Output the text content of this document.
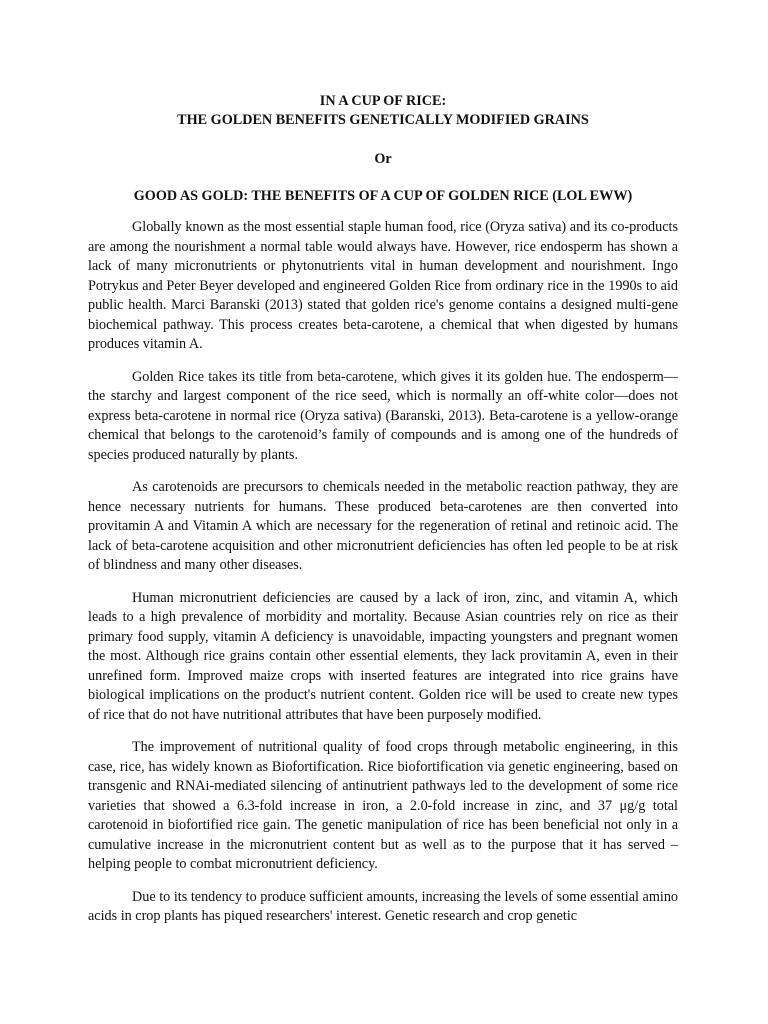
IN A CUP OF RICE:

THE GOLDEN BENEFITS GENETICALLY MODIFIED GRAINS

Or

GOOD AS GOLD: THE BENEFITS OF A CUP OF GOLDEN RICE (LOL EWW)

Globally known as the most essential staple human food, rice (Oryza sativa) and its co-products are among the nourishment a normal table would always have. However, rice endosperm has shown a lack of many micronutrients or phytonutrients vital in human development and nourishment. Ingo Potrykus and Peter Beyer developed and engineered Golden Rice from ordinary rice in the 1990s to aid public health. Marci Baranski (2013) stated that golden rice's genome contains a designed multi-gene biochemical pathway. This process creates beta-carotene, a chemical that when digested by humans produces vitamin A.

Golden Rice takes its title from beta-carotene, which gives it its golden hue. The endosperm—the starchy and largest component of the rice seed, which is normally an off-white color—does not express beta-carotene in normal rice (Oryza sativa) (Baranski, 2013). Beta-carotene is a yellow-orange chemical that belongs to the carotenoid’s family of compounds and is among one of the hundreds of species produced naturally by plants.

As carotenoids are precursors to chemicals needed in the metabolic reaction pathway, they are hence necessary nutrients for humans. These produced beta-carotenes are then converted into provitamin A and Vitamin A which are necessary for the regeneration of retinal and retinoic acid. The lack of beta-carotene acquisition and other micronutrient deficiencies has often led people to be at risk of blindness and many other diseases.

Human micronutrient deficiencies are caused by a lack of iron, zinc, and vitamin A, which leads to a high prevalence of morbidity and mortality. Because Asian countries rely on rice as their primary food supply, vitamin A deficiency is unavoidable, impacting youngsters and pregnant women the most. Although rice grains contain other essential elements, they lack provitamin A, even in their unrefined form. Improved maize crops with inserted features are integrated into rice grains have biological implications on the product's nutrient content. Golden rice will be used to create new types of rice that do not have nutritional attributes that have been purposely modified.

The improvement of nutritional quality of food crops through metabolic engineering, in this case, rice, has widely known as Biofortification. Rice biofortification via genetic engineering, based on transgenic and RNAi-mediated silencing of antinutrient pathways led to the development of some rice varieties that showed a 6.3-fold increase in iron, a 2.0-fold increase in zinc, and 37 μg/g total carotenoid in biofortified rice gain. The genetic manipulation of rice has been beneficial not only in a cumulative increase in the micronutrient content but as well as to the purpose that it has served – helping people to combat micronutrient deficiency.

Due to its tendency to produce sufficient amounts, increasing the levels of some essential amino acids in crop plants has piqued researchers' interest. Genetic research and crop genetic
